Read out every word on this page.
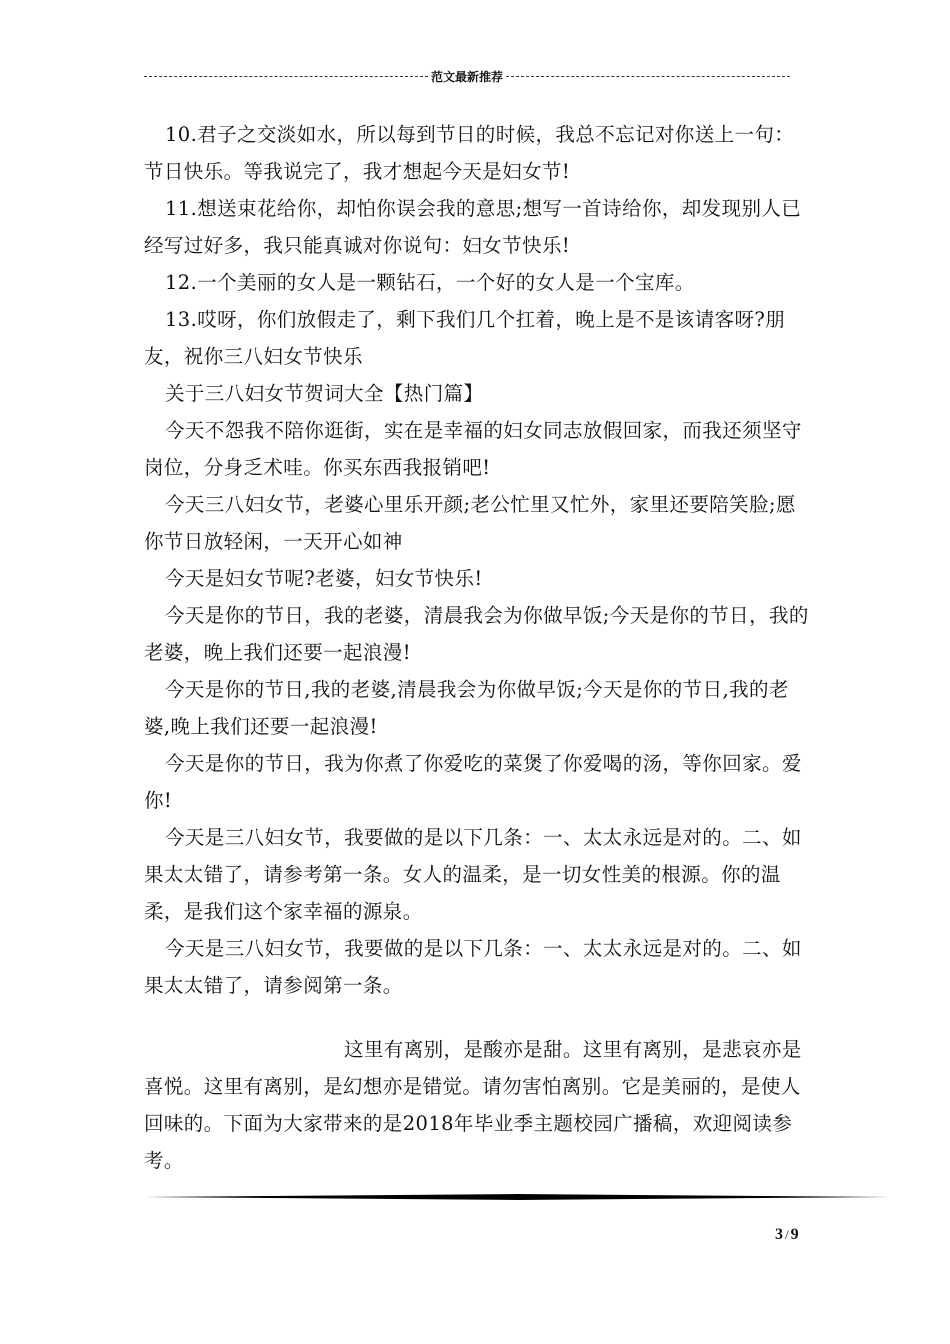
范文最新推荐

10.君子之交淡如水，所以每到节日的时候，我总不忘记对你送上一句：节日快乐。等我说完了，我才想起今天是妇女节!

11.想送束花给你，却怕你误会我的意思;想写一首诗给你，却发现别人已经写过好多，我只能真诚对你说句：妇女节快乐!

12.一个美丽的女人是一颗钻石，一个好的女人是一个宝库。

13.哎呀，你们放假走了，剩下我们几个扛着，晚上是不是该请客呀?朋友，祝你三八妇女节快乐

关于三八妇女节贺词大全【热门篇】

今天不怨我不陪你逛街，实在是幸福的妇女同志放假回家，而我还须坚守岗位，分身乏术哇。你买东西我报销吧!

今天三八妇女节，老婆心里乐开颜;老公忙里又忙外，家里还要陪笑脸;愿你节日放轻闲，一天开心如神

今天是妇女节呢?老婆，妇女节快乐!

今天是你的节日，我的老婆，清晨我会为你做早饭;今天是你的节日，我的老婆，晚上我们还要一起浪漫!

今天是你的节日,我的老婆,清晨我会为你做早饭;今天是你的节日,我的老婆,晚上我们还要一起浪漫!

今天是你的节日，我为你煮了你爱吃的菜煲了你爱喝的汤，等你回家。爱你!

今天是三八妇女节，我要做的是以下几条：一、太太永远是对的。二、如果太太错了，请参考第一条。女人的温柔，是一切女性美的根源。你的温柔，是我们这个家幸福的源泉。

今天是三八妇女节，我要做的是以下几条：一、太太永远是对的。二、如果太太错了，请参阅第一条。

这里有离别，是酸亦是甜。这里有离别，是悲哀亦是喜悦。这里有离别，是幻想亦是错觉。请勿害怕离别。它是美丽的，是使人回味的。下面为大家带来的是2018年毕业季主题校园广播稿，欢迎阅读参考。

3 / 9
